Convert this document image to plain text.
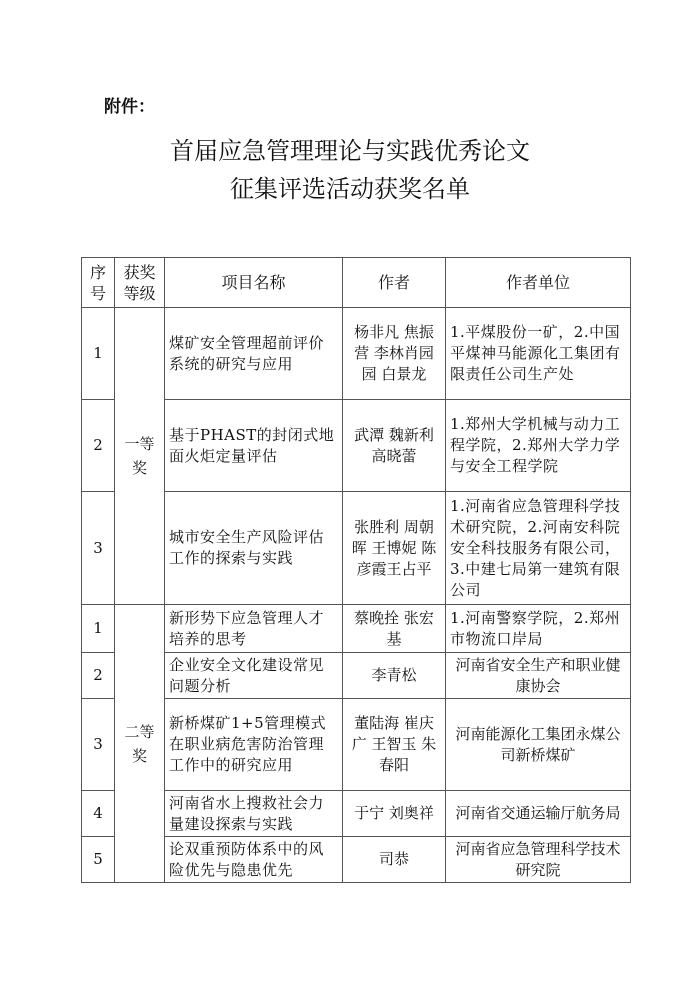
附件：
首届应急管理理论与实践优秀论文
征集评选活动获奖名单
序号	获奖等级	项目名称	作者	作者单位
1	一等奖	煤矿安全管理超前评价系统的研究与应用	杨非凡 焦振营 李林肖园园 白景龙	1.平煤股份一矿，2.中国平煤神马能源化工集团有限责任公司生产处
2		基于PHAST的封闭式地面火炬定量评估	武潭 魏新利 高晓蕾	1.郑州大学机械与动力工程学院，2.郑州大学力学与安全工程学院
3		城市安全生产风险评估工作的探索与实践	张胜利 周朝晖 王博妮 陈彦霞王占平	1.河南省应急管理科学技术研究院，2.河南安科院安全科技服务有限公司，3.中建七局第一建筑有限公司
1	二等奖	新形势下应急管理人才培养的思考	蔡晚拴 张宏基	1.河南警察学院，2.郑州市物流口岸局
2		企业安全文化建设常见问题分析	李青松	河南省安全生产和职业健康协会
3		新桥煤矿1+5管理模式在职业病危害防治管理工作中的研究应用	董陆海 崔庆广 王智玉 朱春阳	河南能源化工集团永煤公司新桥煤矿
4		河南省水上搜救社会力量建设探索与实践	于宁 刘奥祥	河南省交通运输厅航务局
5		论双重预防体系中的风险优先与隐患优先	司恭	河南省应急管理科学技术研究院
